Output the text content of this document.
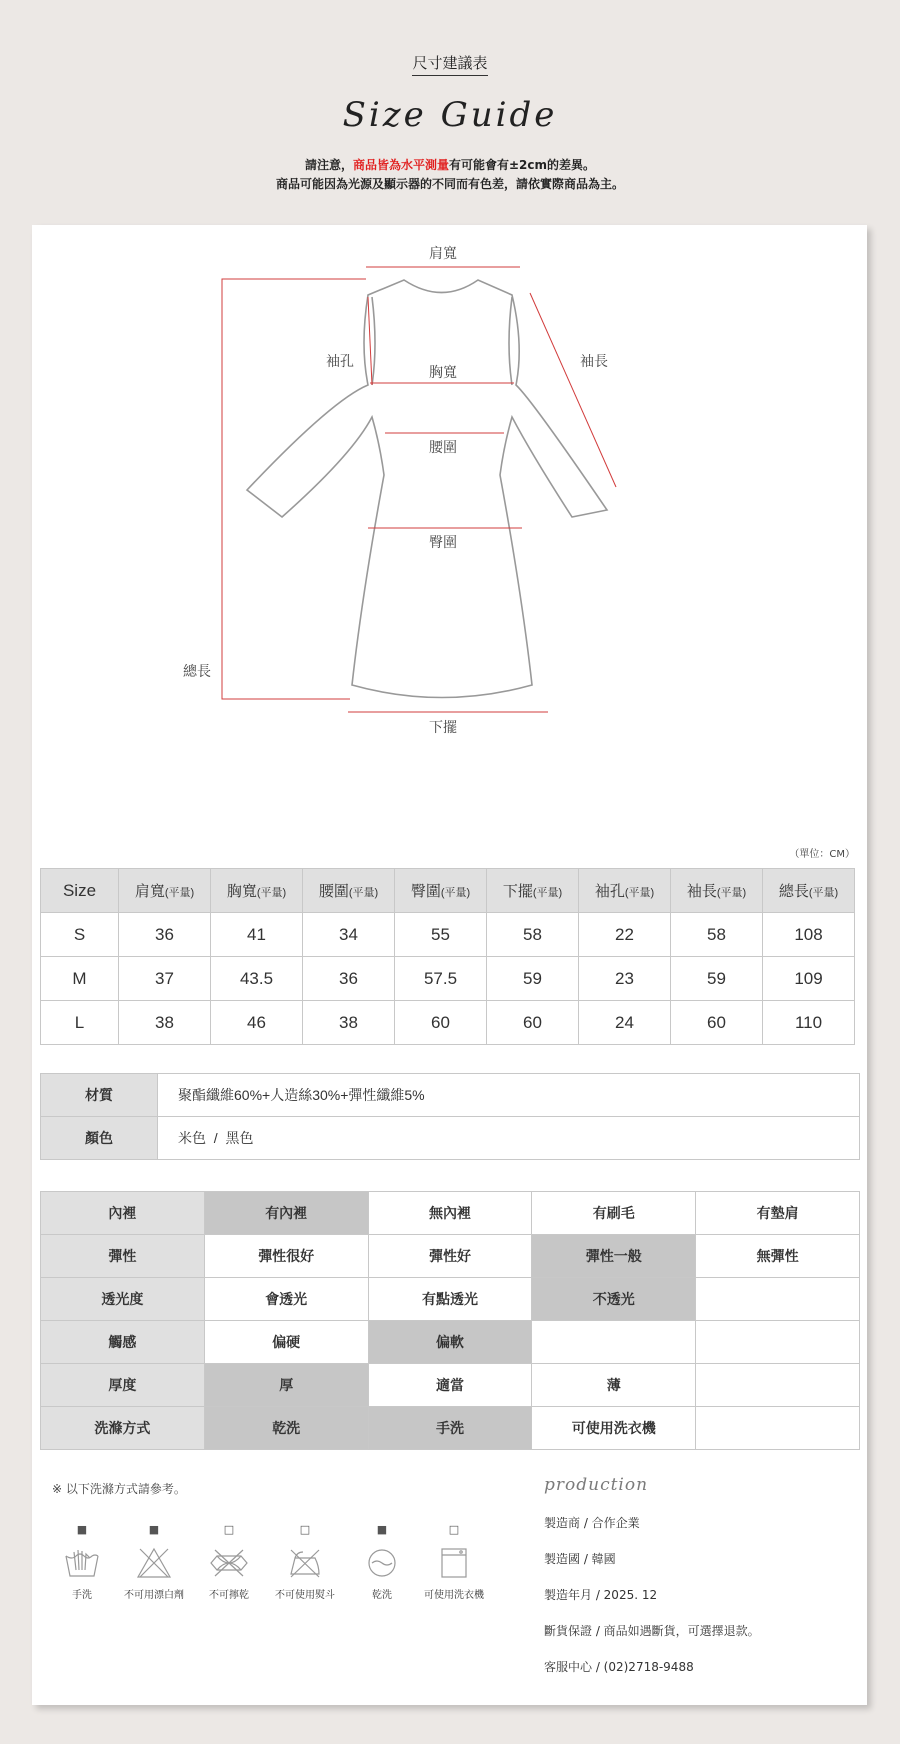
尺寸建議表
Size Guide
請注意，商品皆為水平測量有可能會有±2cm的差異。
商品可能因為光源及顯示器的不同而有色差，請依實際商品為主。
肩寬
袖孔	袖長
胸寬
腰圍
臀圍
總長
下擺
（單位：CM）
Size	肩寬(平量)	胸寬(平量)	腰圍(平量)	臀圍(平量)	下擺(平量)	袖孔(平量)	袖長(平量)	總長(平量)
S	36	41	34	55	58	22	58	108
M	37	43.5	36	57.5	59	23	59	109
L	38	46	38	60	60	24	60	110
材質	聚酯纖維60%+人造絲30%+彈性纖維5%
顏色	米色  /  黑色
內裡	有內裡	無內裡	有刷毛	有墊肩
彈性	彈性很好	彈性好	彈性一般	無彈性
透光度	會透光	有點透光	不透光	
觸感	偏硬	偏軟		
厚度	厚	適當	薄	
洗滌方式	乾洗	手洗	可使用洗衣機	
※ 以下洗滌方式請參考。
■
手洗
■
不可用漂白劑
□
不可擰乾
□
不可使用熨斗
■
乾洗
□
可使用洗衣機
production
製造商 / 合作企業
製造國 / 韓國
製造年月 / 2025. 12
斷貨保證 / 商品如遇斷貨，可選擇退款。
客服中心 / (02)2718-9488
